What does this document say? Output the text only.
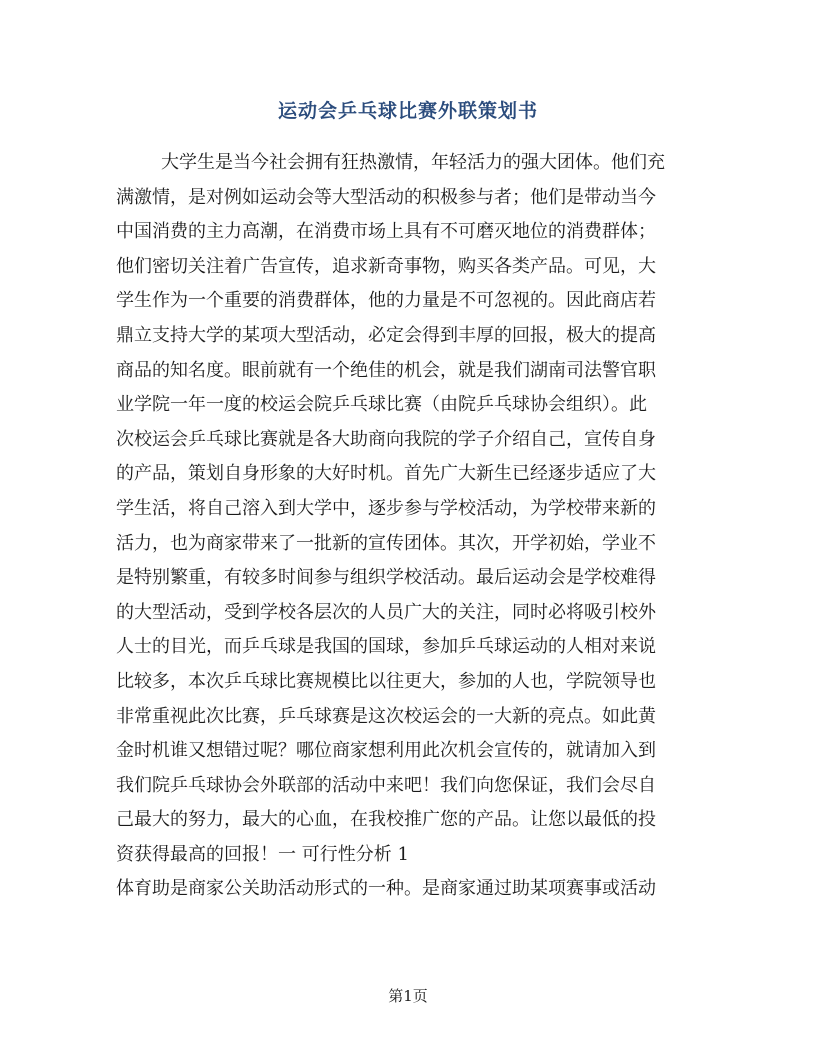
运动会乒乓球比赛外联策划书
大学生是当今社会拥有狂热激情，年轻活力的强大团体。他们充
满激情，是对例如运动会等大型活动的积极参与者；他们是带动当今
中国消费的主力高潮，在消费市场上具有不可磨灭地位的消费群体；
他们密切关注着广告宣传，追求新奇事物，购买各类产品。可见，大
学生作为一个重要的消费群体，他的力量是不可忽视的。因此商店若
鼎立支持大学的某项大型活动，必定会得到丰厚的回报，极大的提高
商品的知名度。眼前就有一个绝佳的机会，就是我们湖南司法警官职
业学院一年一度的校运会院乒乓球比赛（由院乒乓球协会组织）。此
次校运会乒乓球比赛就是各大助商向我院的学子介绍自己，宣传自身
的产品，策划自身形象的大好时机。首先广大新生已经逐步适应了大
学生活，将自己溶入到大学中，逐步参与学校活动，为学校带来新的
活力，也为商家带来了一批新的宣传团体。其次，开学初始，学业不
是特别繁重，有较多时间参与组织学校活动。最后运动会是学校难得
的大型活动，受到学校各层次的人员广大的关注，同时必将吸引校外
人士的目光，而乒乓球是我国的国球，参加乒乓球运动的人相对来说
比较多，本次乒乓球比赛规模比以往更大，参加的人也，学院领导也
非常重视此次比赛，乒乓球赛是这次校运会的一大新的亮点。如此黄
金时机谁又想错过呢？哪位商家想利用此次机会宣传的，就请加入到
我们院乒乓球协会外联部的活动中来吧！我们向您保证，我们会尽自
己最大的努力，最大的心血，在我校推广您的产品。让您以最低的投
资获得最高的回报！一 可行性分析 1
体育助是商家公关助活动形式的一种。是商家通过助某项赛事或活动
第1页
